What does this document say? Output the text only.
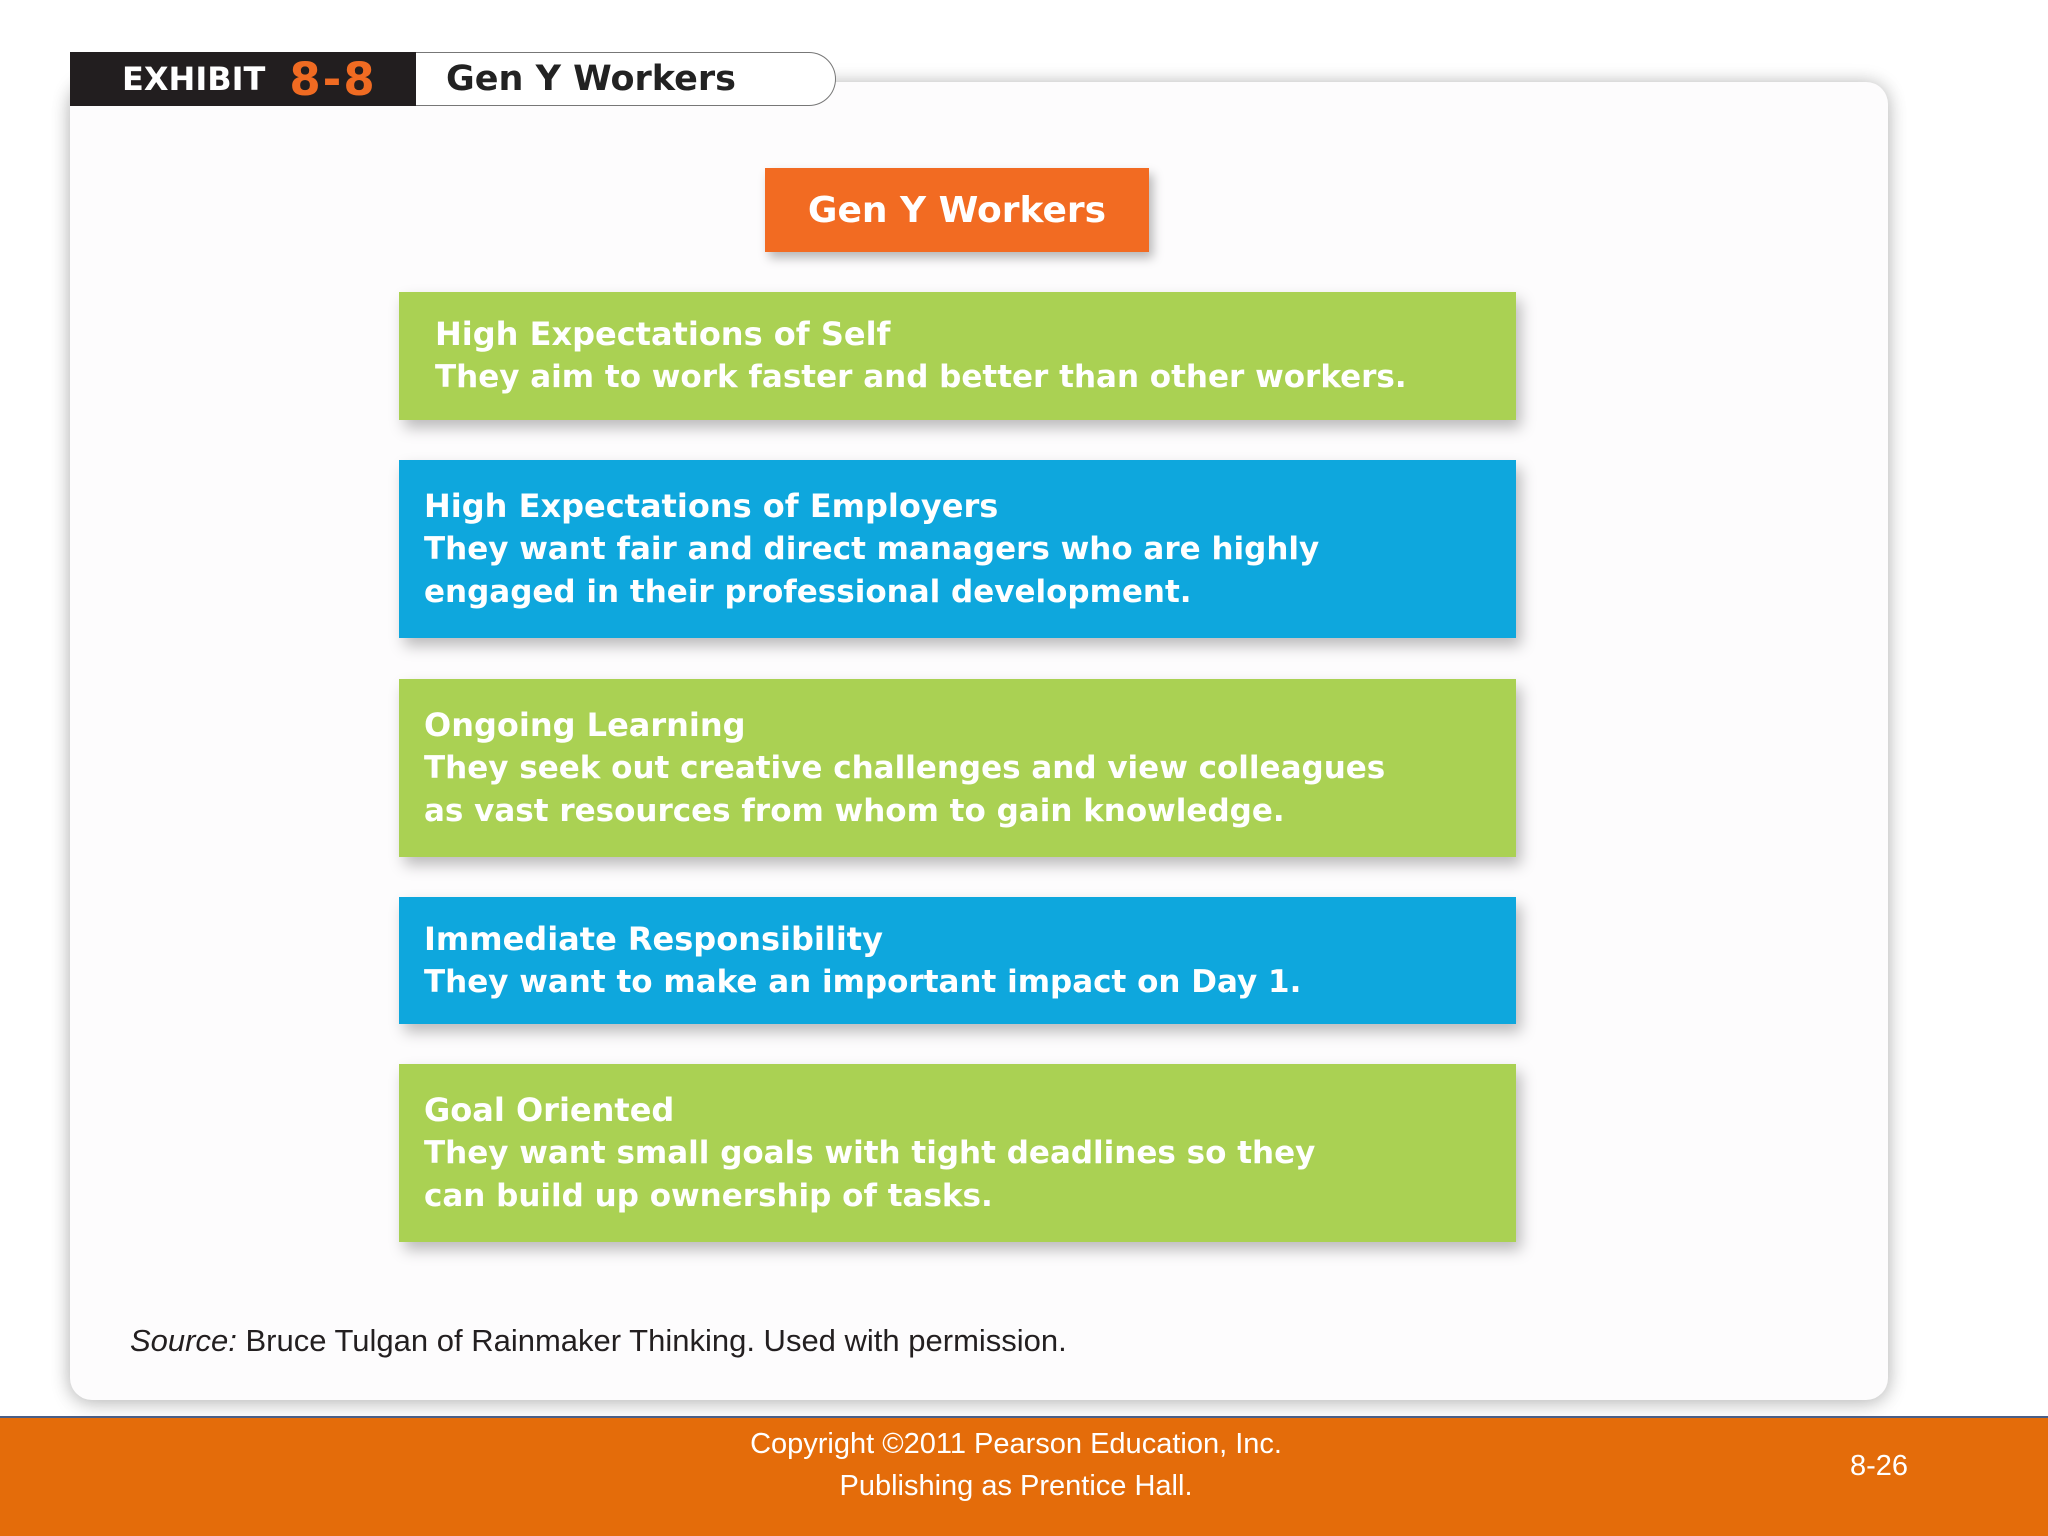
EXHIBIT 8-8 Gen Y Workers
Gen Y Workers
High Expectations of Self
They aim to work faster and better than other workers.
High Expectations of Employers
They want fair and direct managers who are highly
engaged in their professional development.
Ongoing Learning
They seek out creative challenges and view colleagues
as vast resources from whom to gain knowledge.
Immediate Responsibility
They want to make an important impact on Day 1.
Goal Oriented
They want small goals with tight deadlines so they
can build up ownership of tasks.
Source: Bruce Tulgan of Rainmaker Thinking. Used with permission.
Copyright ©2011 Pearson Education, Inc.
Publishing as Prentice Hall.
8-26
